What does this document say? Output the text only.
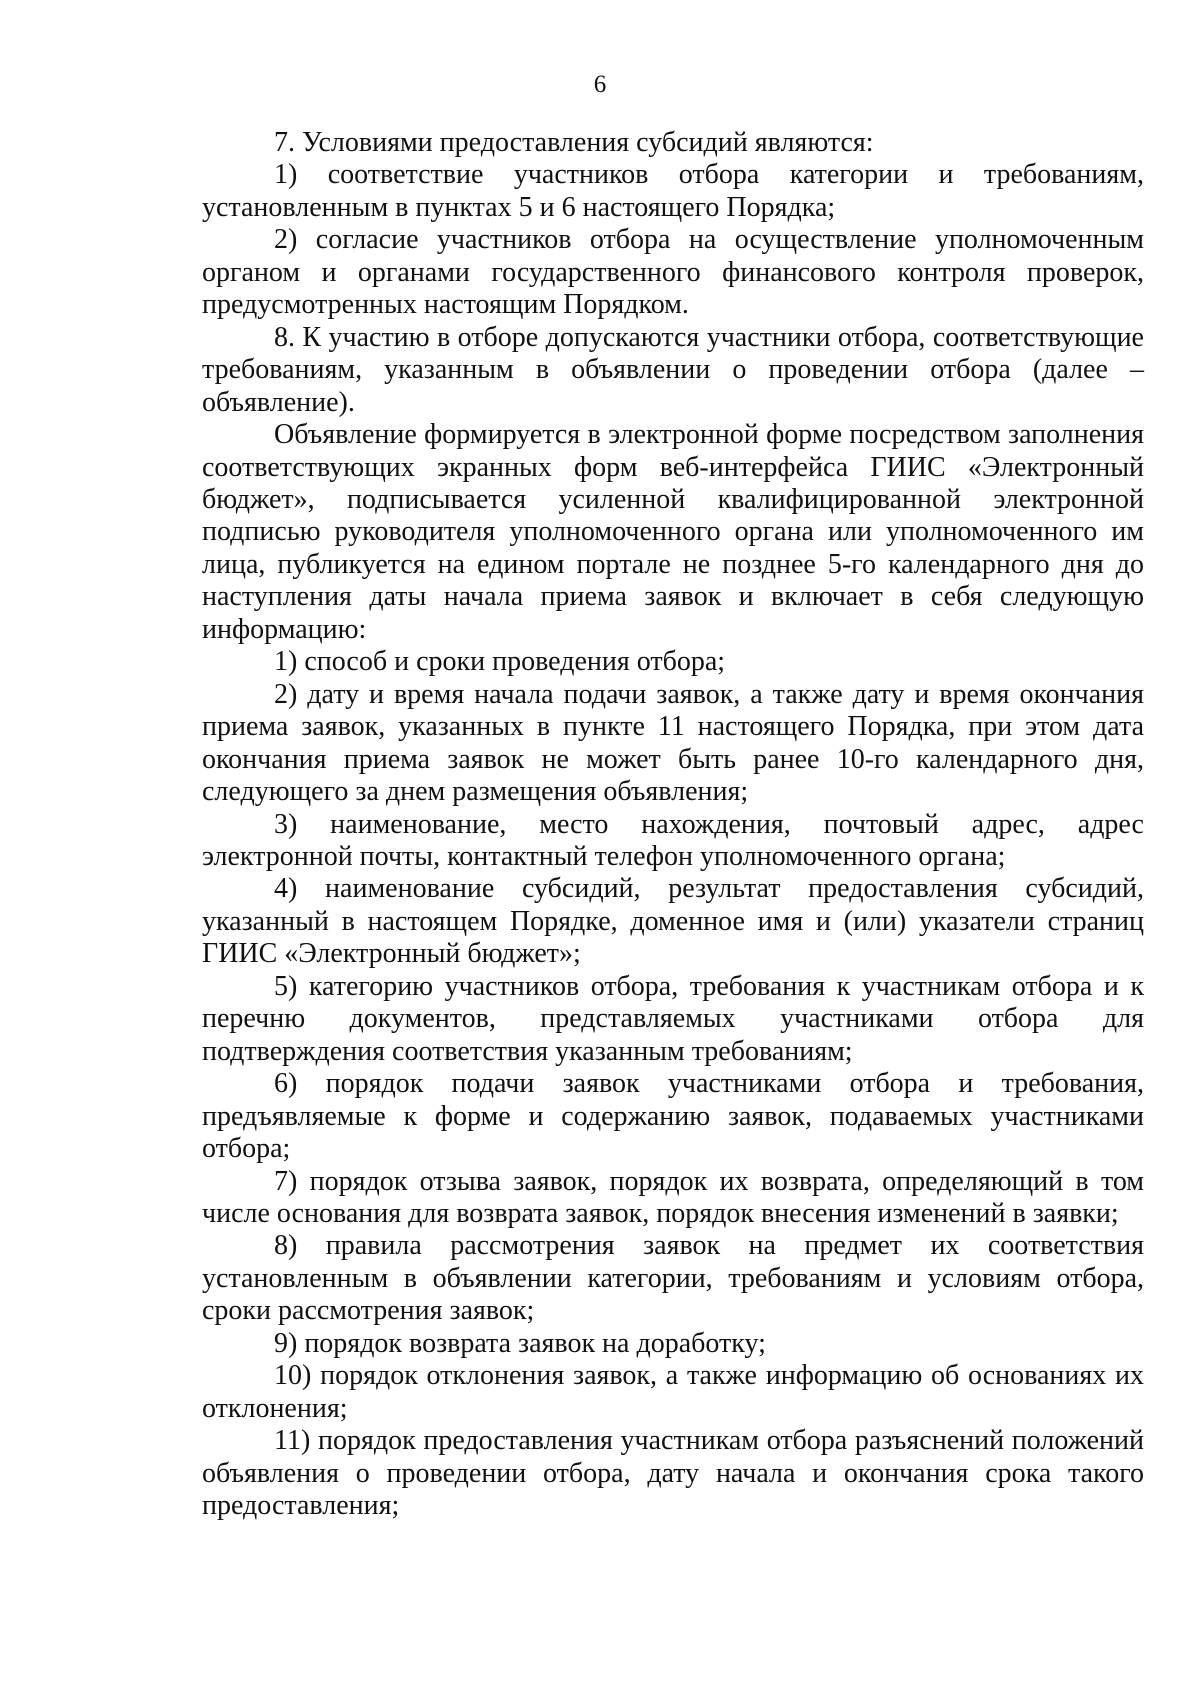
6

7. Условиями предоставления субсидий являются:

1) соответствие участников отбора категории и требованиям, установленным в пунктах 5 и 6 настоящего Порядка;

2) согласие участников отбора на осуществление уполномоченным органом и органами государственного финансового контроля проверок, предусмотренных настоящим Порядком.

8. К участию в отборе допускаются участники отбора, соответствующие требованиям, указанным в объявлении о проведении отбора (далее – объявление).

Объявление формируется в электронной форме посредством заполнения соответствующих экранных форм веб-интерфейса ГИИС «Электронный бюджет», подписывается усиленной квалифицированной электронной подписью руководителя уполномоченного органа или уполномоченного им лица, публикуется на едином портале не позднее 5-го календарного дня до наступления даты начала приема заявок и включает в себя следующую информацию:

1) способ и сроки проведения отбора;

2) дату и время начала подачи заявок, а также дату и время окончания приема заявок, указанных в пункте 11 настоящего Порядка, при этом дата окончания приема заявок не может быть ранее 10-го календарного дня, следующего за днем размещения объявления;

3) наименование, место нахождения, почтовый адрес, адрес электронной почты, контактный телефон уполномоченного органа;

4) наименование субсидий, результат предоставления субсидий, указанный в настоящем Порядке, доменное имя и (или) указатели страниц ГИИС «Электронный бюджет»;

5) категорию участников отбора, требования к участникам отбора и к перечню документов, представляемых участниками отбора для подтверждения соответствия указанным требованиям;

6) порядок подачи заявок участниками отбора и требования, предъявляемые к форме и содержанию заявок, подаваемых участниками отбора;

7) порядок отзыва заявок, порядок их возврата, определяющий в том числе основания для возврата заявок, порядок внесения изменений в заявки;

8) правила рассмотрения заявок на предмет их соответствия установленным в объявлении категории, требованиям и условиям отбора, сроки рассмотрения заявок;

9) порядок возврата заявок на доработку;

10) порядок отклонения заявок, а также информацию об основаниях их отклонения;

11) порядок предоставления участникам отбора разъяснений положений объявления о проведении отбора, дату начала и окончания срока такого предоставления;
